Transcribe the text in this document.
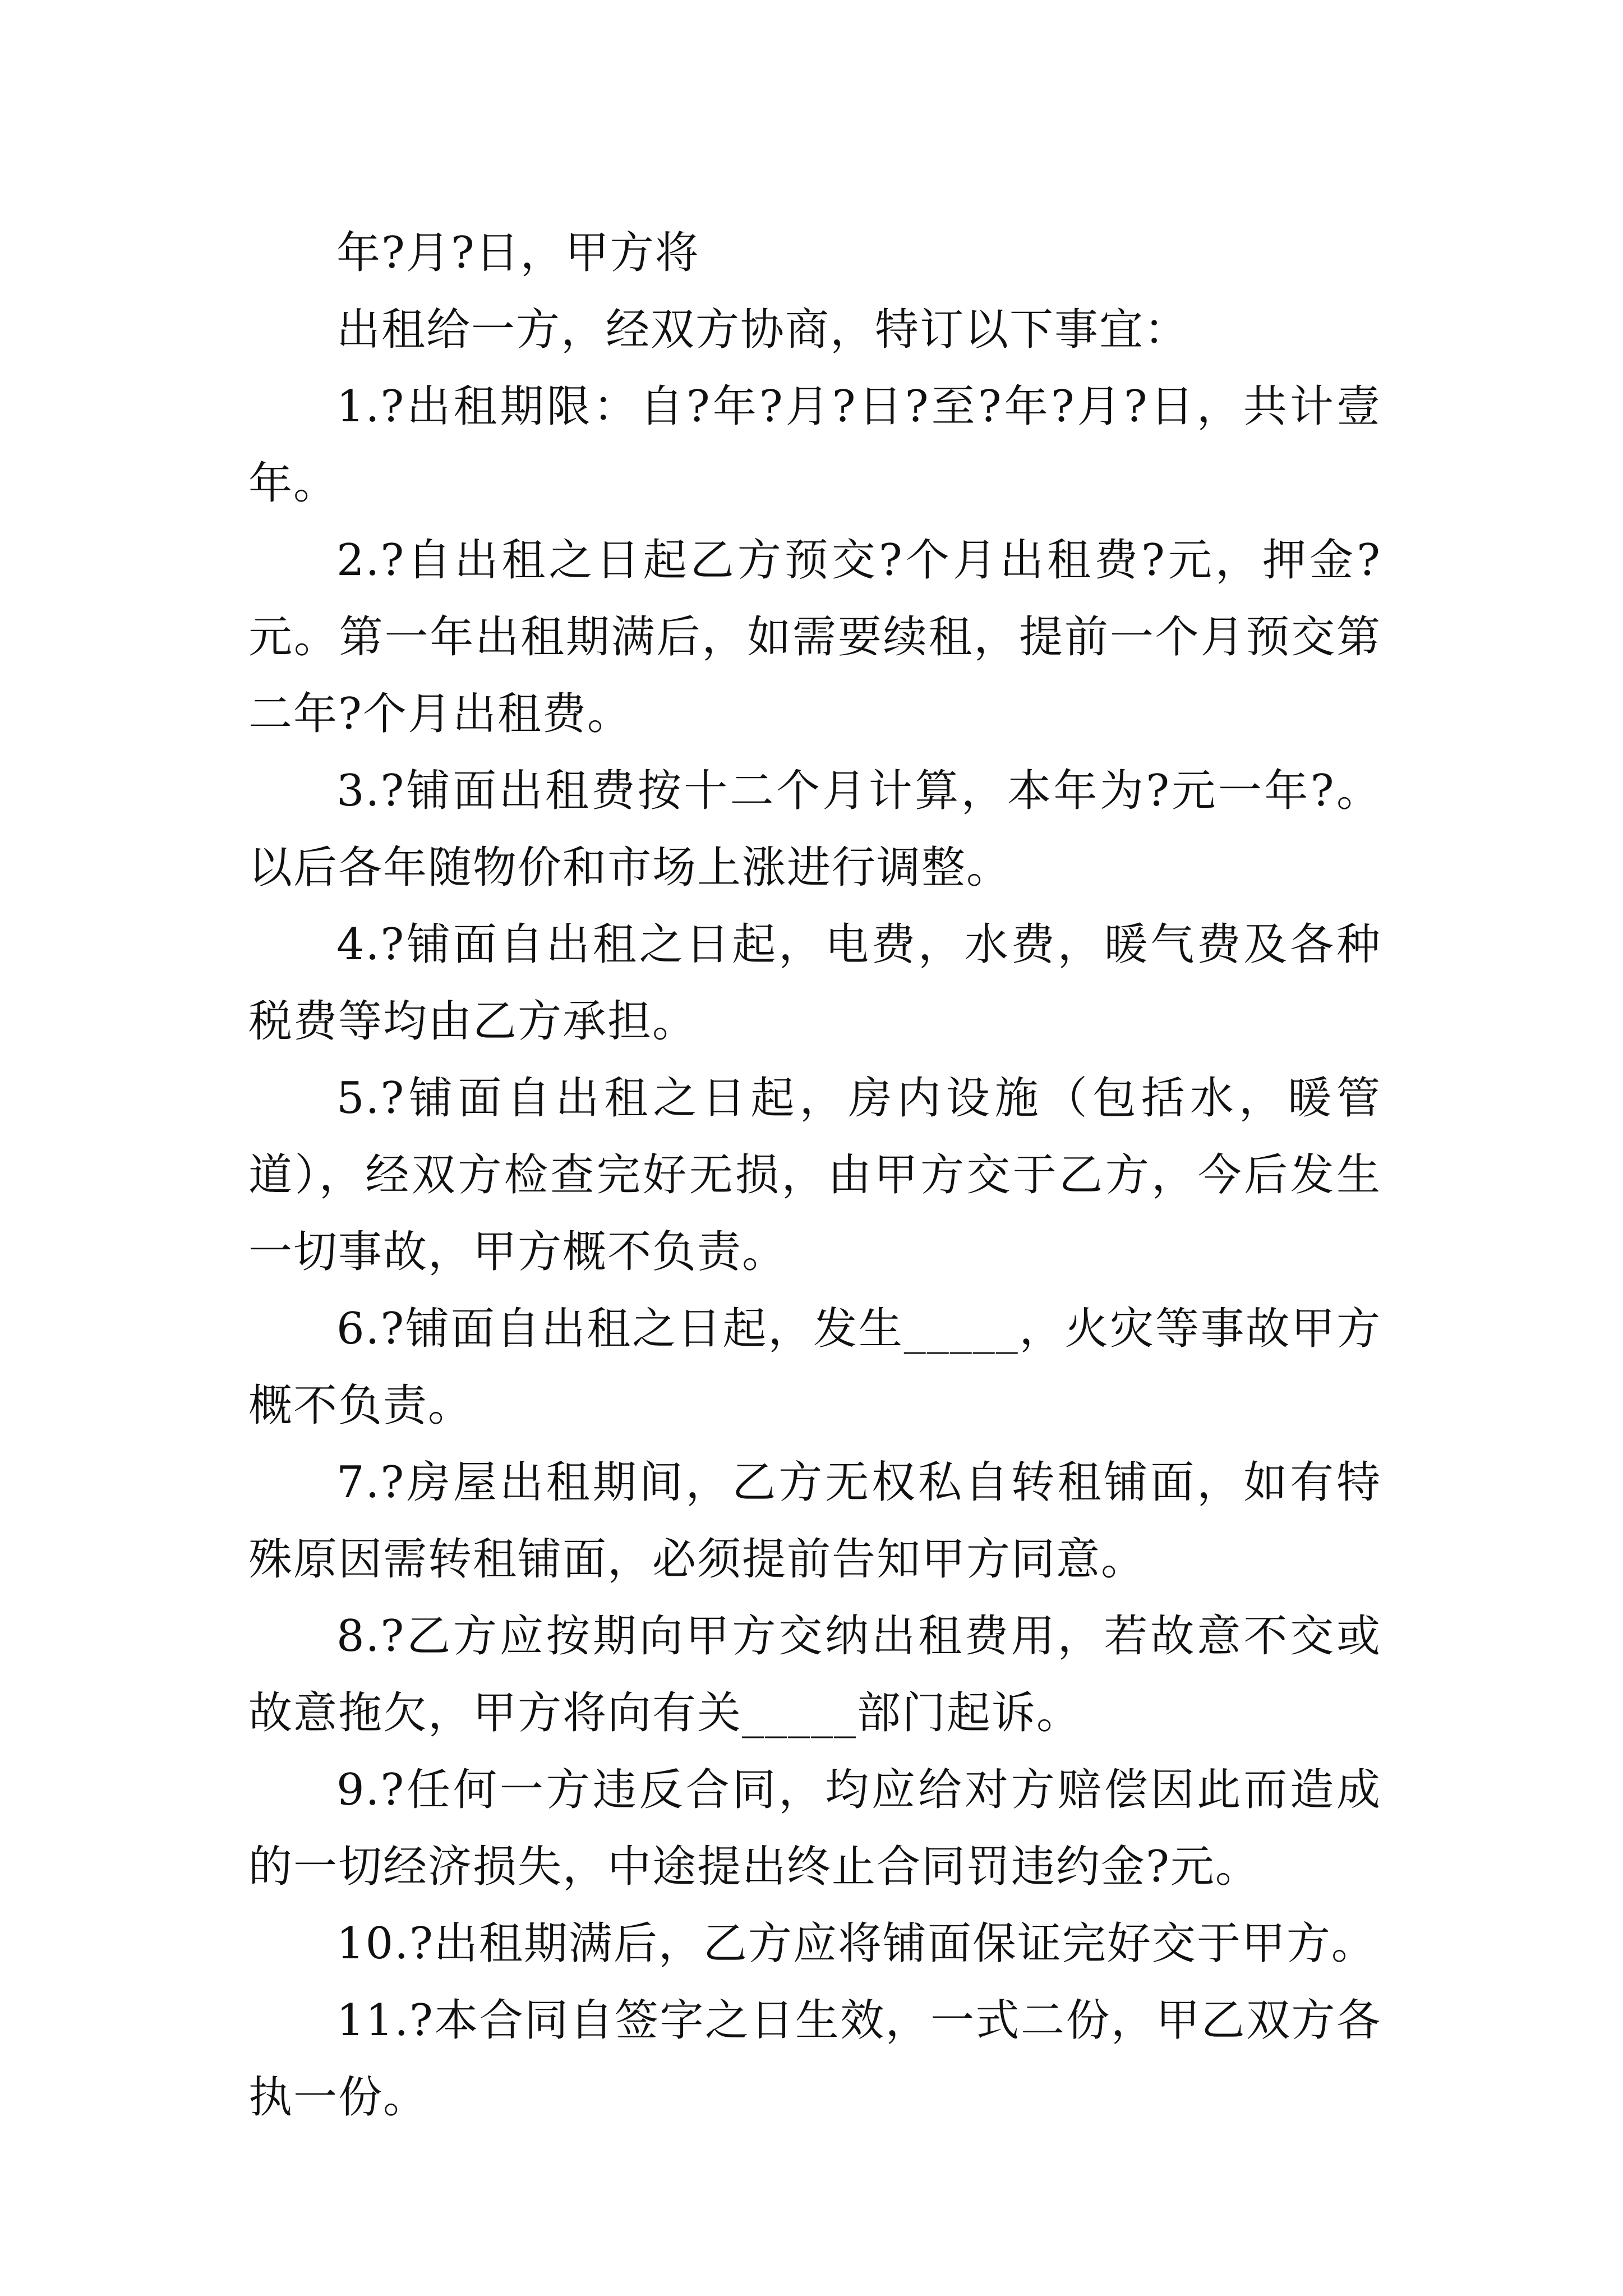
年?月?日，甲方将

出租给一方，经双方协商，特订以下事宜：

1.?出租期限：自?年?月?日?至?年?月?日，共计壹年。

2.?自出租之日起乙方预交?个月出租费?元，押金?元。第一年出租期满后，如需要续租，提前一个月预交第二年?个月出租费。

3.?铺面出租费按十二个月计算，本年为?元一年?。以后各年随物价和市场上涨进行调整。

4.?铺面自出租之日起，电费，水费，暖气费及各种税费等均由乙方承担。

5.?铺面自出租之日起，房内设施（包括水，暖管道），经双方检查完好无损，由甲方交于乙方，今后发生一切事故，甲方概不负责。

6.?铺面自出租之日起，发生_____，火灾等事故甲方概不负责。

7.?房屋出租期间，乙方无权私自转租铺面，如有特殊原因需转租铺面，必须提前告知甲方同意。

8.?乙方应按期向甲方交纳出租费用，若故意不交或故意拖欠，甲方将向有关_____部门起诉。

9.?任何一方违反合同，均应给对方赔偿因此而造成的一切经济损失，中途提出终止合同罚违约金?元。

10.?出租期满后，乙方应将铺面保证完好交于甲方。

11.?本合同自签字之日生效，一式二份，甲乙双方各执一份。
